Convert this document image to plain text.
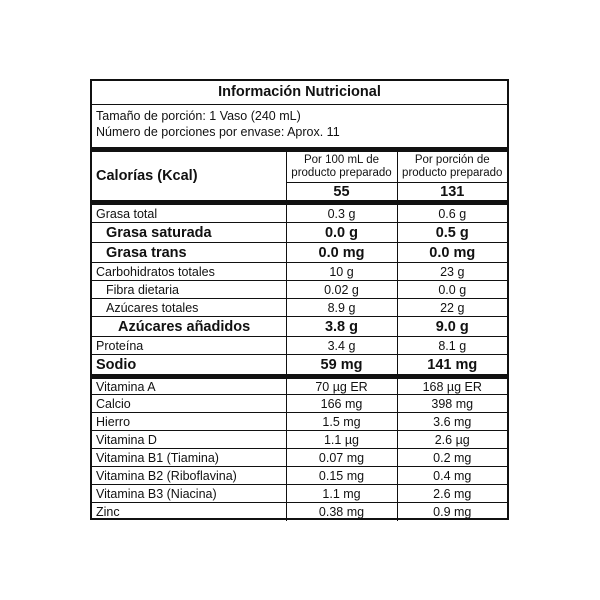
Información Nutricional
Tamaño de porción: 1 Vaso (240 mL)
Número de porciones por envase: Aprox. 11
Calorías (Kcal)	Por 100 mL de producto preparado	Por porción de producto preparado
	55	131
Grasa total	0.3 g	0.6 g
Grasa saturada	0.0 g	0.5 g
Grasa trans	0.0 mg	0.0 mg
Carbohidratos totales	10 g	23 g
Fibra dietaria	0.02 g	0.0 g
Azúcares totales	8.9 g	22 g
Azúcares añadidos	3.8 g	9.0 g
Proteína	3.4 g	8.1 g
Sodio	59 mg	141 mg
Vitamina A	70 µg ER	168 µg ER
Calcio	166 mg	398 mg
Hierro	1.5 mg	3.6 mg
Vitamina D	1.1 µg	2.6 µg
Vitamina B1 (Tiamina)	0.07 mg	0.2 mg
Vitamina B2 (Riboflavina)	0.15 mg	0.4 mg
Vitamina B3 (Niacina)	1.1 mg	2.6 mg
Zinc	0.38 mg	0.9 mg
